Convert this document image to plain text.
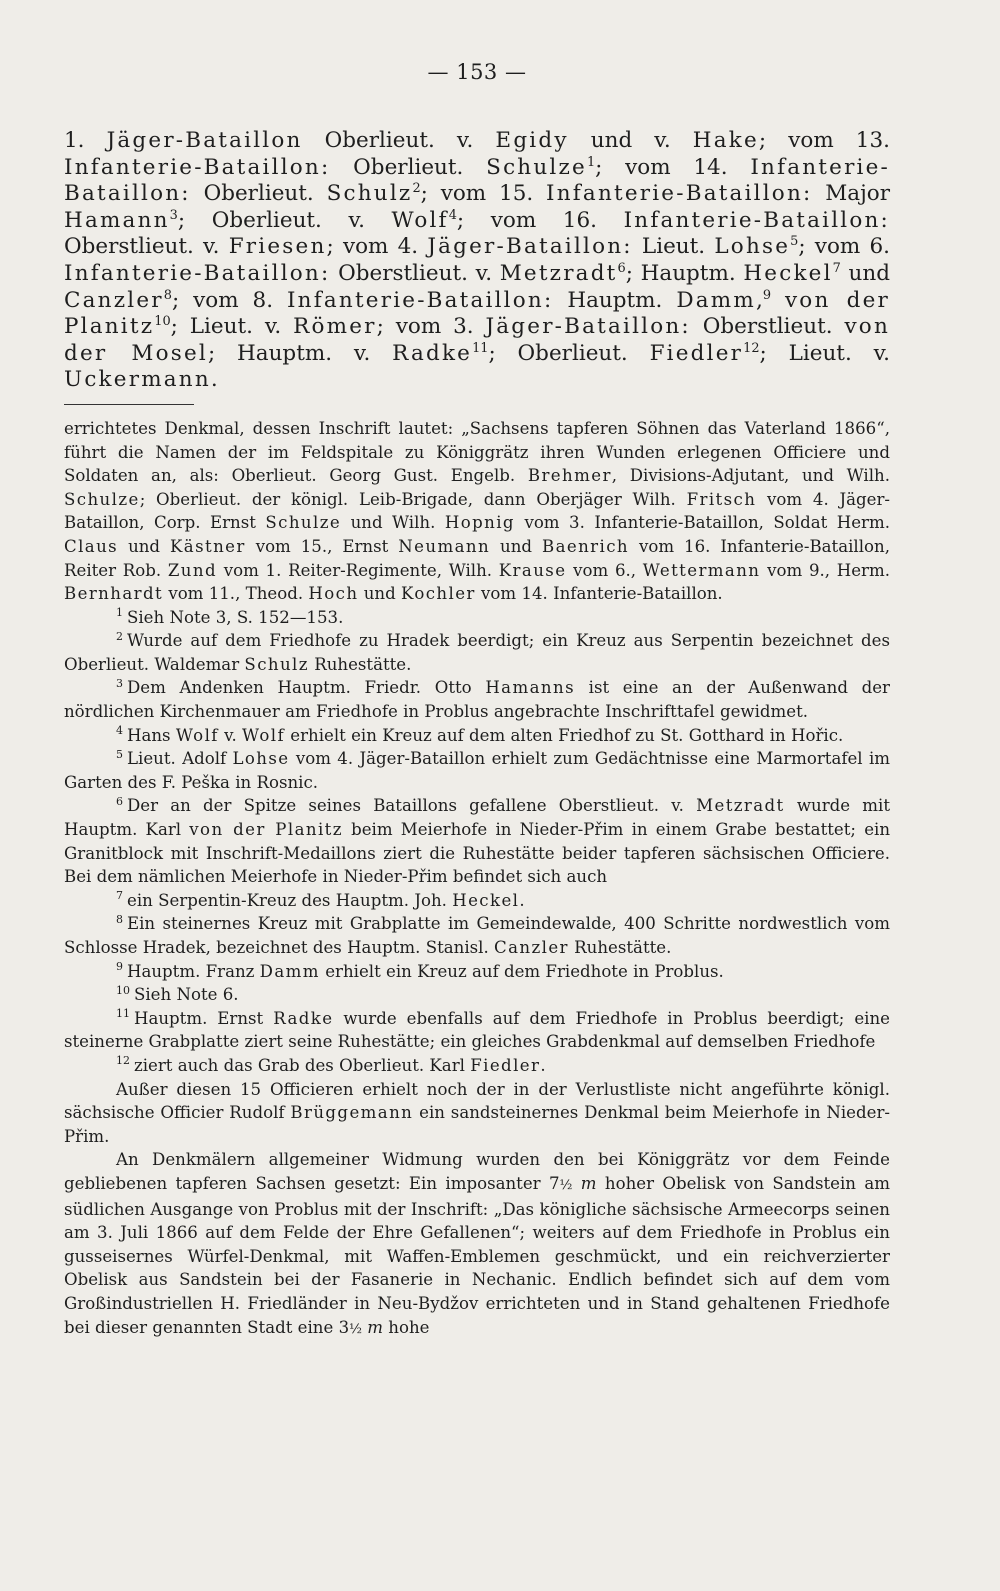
— 153 —

1. Jäger-Bataillon Oberlieut. v. Egidy und v. Hake; vom 13. Infanterie-Bataillon: Oberlieut. Schulze$^1$; vom 14. Infanterie-Bataillon: Oberlieut. Schulz$^2$; vom 15. Infanterie-Bataillon: Major Hamann$^3$; Oberlieut. v. Wolf$^4$; vom 16. Infanterie-Bataillon: Oberstlieut. v. Friesen; vom 4. Jäger-Bataillon: Lieut. Lohse$^5$; vom 6. Infanterie-Bataillon: Oberstlieut. v. Metzradt$^6$; Hauptm. Heckel$^7$ und Canzler$^8$; vom 8. Infanterie-Bataillon: Hauptm. Damm,$^9$ von der Planitz$^{10}$; Lieut. v. Römer; vom 3. Jäger-Bataillon: Oberstlieut. von der Mosel; Hauptm. v. Radke$^{11}$; Oberlieut. Fiedler$^{12}$; Lieut. v. Uckermann.

errichtetes Denkmal, dessen Inschrift lautet: „Sachsens tapferen Söhnen das Vaterland 1866“, führt die Namen der im Feldspitale zu Königgrätz ihren Wunden erlegenen Officiere und Soldaten an, als: Oberlieut. Georg Gust. Engelb. Brehmer, Divisions-Adjutant, und Wilh. Schulze; Oberlieut. der königl. Leib-Brigade, dann Oberjäger Wilh. Fritsch vom 4. Jäger-Bataillon, Corp. Ernst Schulze und Wilh. Hopnig vom 3. Infanterie-Bataillon, Soldat Herm. Claus und Kästner vom 15., Ernst Neumann und Baenrich vom 16. Infanterie-Bataillon, Reiter Rob. Zund vom 1. Reiter-Regimente, Wilh. Krause vom 6., Wettermann vom 9., Herm. Bernhardt vom 11., Theod. Hoch und Kochler vom 14. Infanterie-Bataillon.

$^1$ Sieh Note 3, S. 152—153.

$^2$ Wurde auf dem Friedhofe zu Hradek beerdigt; ein Kreuz aus Serpentin bezeichnet des Oberlieut. Waldemar Schulz Ruhestätte.

$^3$ Dem Andenken Hauptm. Friedr. Otto Hamanns ist eine an der Außenwand der nördlichen Kirchenmauer am Friedhofe in Problus angebrachte Inschrifttafel gewidmet.

$^4$ Hans Wolf v. Wolf erhielt ein Kreuz auf dem alten Friedhof zu St. Gotthard in Hořic.

$^5$ Lieut. Adolf Lohse vom 4. Jäger-Bataillon erhielt zum Gedächtnisse eine Marmortafel im Garten des F. Peška in Rosnic.

$^6$ Der an der Spitze seines Bataillons gefallene Oberstlieut. v. Metzradt wurde mit Hauptm. Karl von der Planitz beim Meierhofe in Nieder-Přim in einem Grabe bestattet; ein Granitblock mit Inschrift-Medaillons ziert die Ruhestätte beider tapferen sächsischen Officiere. Bei dem nämlichen Meierhofe in Nieder-Přim befindet sich auch

$^7$ ein Serpentin-Kreuz des Hauptm. Joh. Heckel.

$^8$ Ein steinernes Kreuz mit Grabplatte im Gemeindewalde, 400 Schritte nordwestlich vom Schlosse Hradek, bezeichnet des Hauptm. Stanisl. Canzler Ruhestätte.

$^9$ Hauptm. Franz Damm erhielt ein Kreuz auf dem Friedhote in Problus.

$^{10}$ Sieh Note 6.

$^{11}$ Hauptm. Ernst Radke wurde ebenfalls auf dem Friedhofe in Problus beerdigt; eine steinerne Grabplatte ziert seine Ruhestätte; ein gleiches Grabdenkmal auf demselben Friedhofe

$^{12}$ ziert auch das Grab des Oberlieut. Karl Fiedler.

Außer diesen 15 Officieren erhielt noch der in der Verlustliste nicht angeführte königl. sächsische Officier Rudolf Brüggemann ein sandsteinernes Denkmal beim Meierhofe in Nieder-Přim.

An Denkmälern allgemeiner Widmung wurden den bei Königgrätz vor dem Feinde gebliebenen tapferen Sachsen gesetzt: Ein imposanter 7½ m hoher Obelisk von Sandstein am südlichen Ausgange von Problus mit der Inschrift: „Das königliche sächsische Armeecorps seinen am 3. Juli 1866 auf dem Felde der Ehre Gefallenen“; weiters auf dem Friedhofe in Problus ein gusseisernes Würfel-Denkmal, mit Waffen-Emblemen geschmückt, und ein reichverzierter Obelisk aus Sandstein bei der Fasanerie in Nechanic. Endlich befindet sich auf dem vom Großindustriellen H. Friedländer in Neu-Bydžov errichteten und in Stand gehaltenen Friedhofe bei dieser genannten Stadt eine 3½ m hohe
